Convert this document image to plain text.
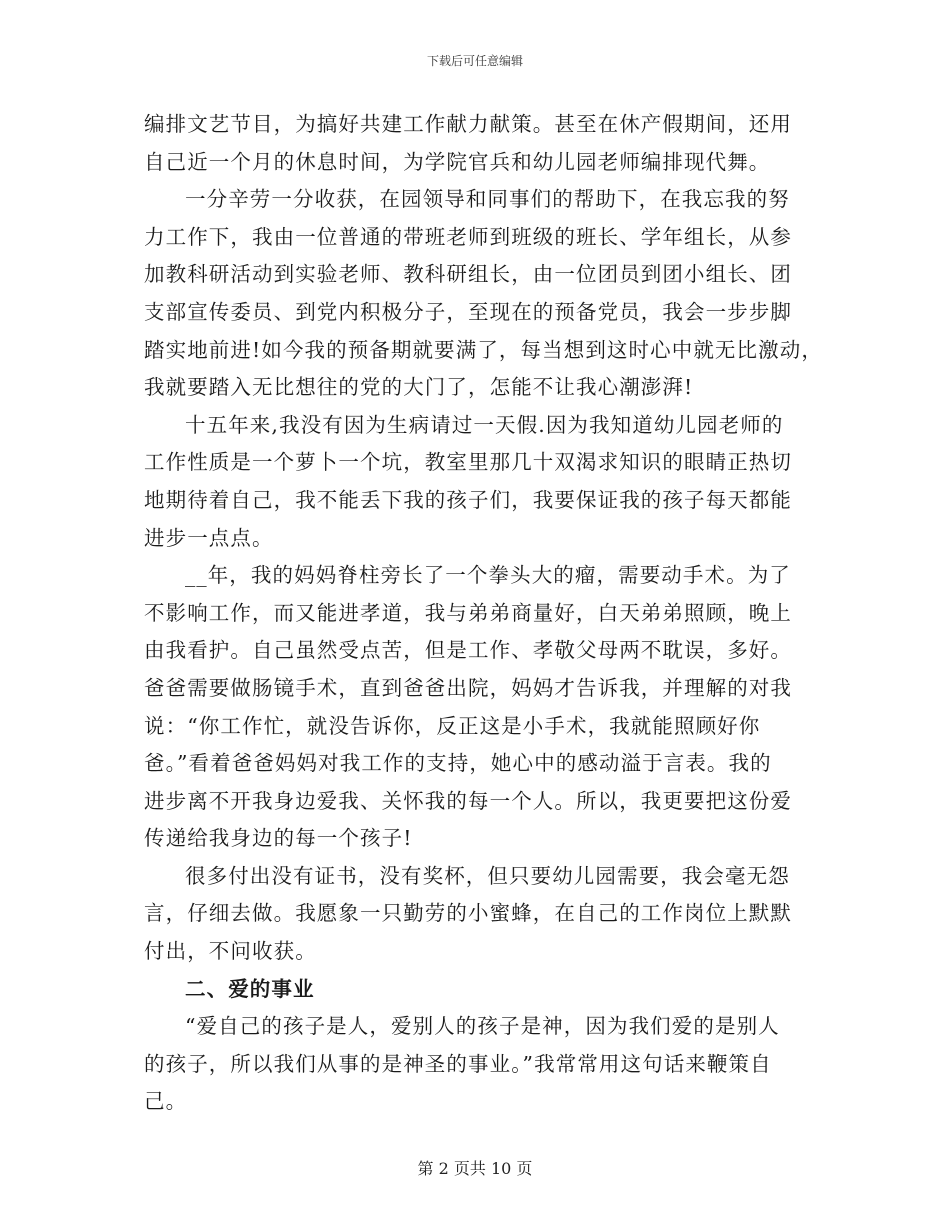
下载后可任意编辑
编排文艺节目，为搞好共建工作献力献策。甚至在休产假期间，还用
自己近一个月的休息时间，为学院官兵和幼儿园老师编排现代舞。
一分辛劳一分收获，在园领导和同事们的帮助下，在我忘我的努
力工作下，我由一位普通的带班老师到班级的班长、学年组长，从参
加教科研活动到实验老师、教科研组长，由一位团员到团小组长、团
支部宣传委员、到党内积极分子，至现在的预备党员，我会一步步脚
踏实地前进!如今我的预备期就要满了，每当想到这时心中就无比激动，
我就要踏入无比想往的党的大门了，怎能不让我心潮澎湃!
十五年来,我没有因为生病请过一天假.因为我知道幼儿园老师的
工作性质是一个萝卜一个坑，教室里那几十双渴求知识的眼睛正热切
地期待着自己，我不能丢下我的孩子们，我要保证我的孩子每天都能
进步一点点。
__年，我的妈妈脊柱旁长了一个拳头大的瘤，需要动手术。为了
不影响工作，而又能进孝道，我与弟弟商量好，白天弟弟照顾，晚上
由我看护。自己虽然受点苦，但是工作、孝敬父母两不耽误，多好。
爸爸需要做肠镜手术，直到爸爸出院，妈妈才告诉我，并理解的对我
说：“你工作忙，就没告诉你，反正这是小手术，我就能照顾好你
爸。”看着爸爸妈妈对我工作的支持，她心中的感动溢于言表。我的
进步离不开我身边爱我、关怀我的每一个人。所以，我更要把这份爱
传递给我身边的每一个孩子!
很多付出没有证书，没有奖杯，但只要幼儿园需要，我会毫无怨
言，仔细去做。我愿象一只勤劳的小蜜蜂，在自己的工作岗位上默默
付出，不问收获。
二、爱的事业
“爱自己的孩子是人，爱别人的孩子是神，因为我们爱的是别人
的孩子，所以我们从事的是神圣的事业。”我常常用这句话来鞭策自
己。
第 2 页共 10 页
